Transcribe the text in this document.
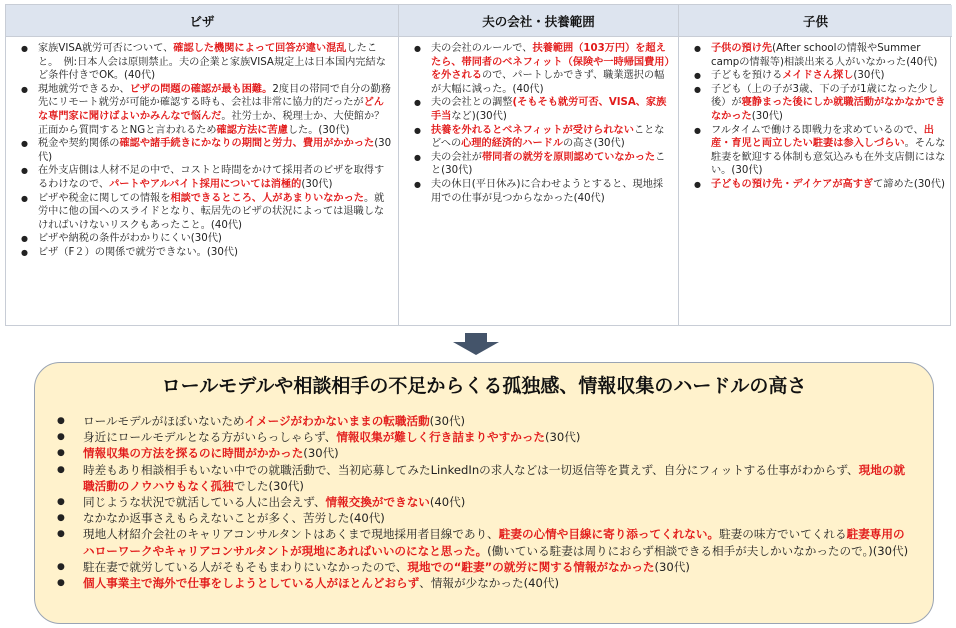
ビザ
● 家族VISA就労可否について、確認した機関によって回答が違い混乱したこと。　例:日本人会は原則禁止。夫の企業と家族VISA規定上は日本国内完結など条件付きでOK。(40代)
● 現地就労できるか、ビザの問題の確認が最も困難。2度目の帯同で自分の勤務先にリモート就労が可能か確認する時も、会社は非常に協力的だったがどんな専門家に聞けばよいかみんなで悩んだ。社労士か、税理士か、大使館か？正面から質問するとNGと言われるため確認方法に苦慮した。(30代)
● 税金や契約関係の確認や諸手続きにかなりの期間と労力、費用がかかった(30代)
● 在外支店側は人材不足の中で、コストと時間をかけて採用者のビザを取得するわけなので、パートやアルバイト採用については消極的(30代)
● ビザや税金に関しての情報を相談できるところ、人があまりいなかった。就労中に他の国へのスライドとなり、転居先のビザの状況によっては退職しなければいけないリスクもあったこと。(40代)
● ビザや納税の条件がわかりにくい(30代)
● ビザ（F２）の関係で就労できない。(30代)
夫の会社・扶養範囲
● 夫の会社のルールで、扶養範囲（103万円）を超えたら、帯同者のベネフィット（保険や一時帰国費用）を外されるので、パートしかできず、職業選択の幅が大幅に減った。(40代)
● 夫の会社との調整(そもそも就労可否、VISA、家族手当など)(30代)
● 扶養を外れるとベネフィットが受けられないことなどへの心理的経済的ハードルの高さ(30代)
● 夫の会社が帯同者の就労を原則認めていなかったこと(30代)
● 夫の休日(平日休み)に合わせようとすると、現地採用での仕事が見つからなかった(40代)
子供
● 子供の預け先(After schoolの情報やSummer campの情報等)相談出来る人がいなかった(40代)
● 子どもを預けるメイドさん探し(30代)
● 子ども（上の子が3歳、下の子が1歳になった少し後）が寝静まった後にしか就職活動がなかなかできなかった(30代)
● フルタイムで働ける即戦力を求めているので、出産・育児と両立したい駐妻は参入しづらい。そんな駐妻を歓迎する体制も意気込みも在外支店側にはない。(30代)
● 子どもの預け先・デイケアが高すぎて諦めた(30代)
ロールモデルや相談相手の不足からくる孤独感、情報収集のハードルの高さ
● ロールモデルがほぼいないためイメージがわかないままの転職活動(30代)
● 身近にロールモデルとなる方がいらっしゃらず、情報収集が難しく行き詰まりやすかった(30代)
● 情報収集の方法を探るのに時間がかかった(30代)
● 時差もあり相談相手もいない中での就職活動で、当初応募してみたLinkedInの求人などは一切返信等を貰えず、自分にフィットする仕事がわからず、現地の就職活動のノウハウもなく孤独でした(30代)
● 同じような状況で就活している人に出会えず、情報交換ができない(40代)
● なかなか返事さえもらえないことが多く、苦労した(40代)
● 現地人材紹介会社のキャリアコンサルタントはあくまで現地採用者目線であり、駐妻の心情や目線に寄り添ってくれない。駐妻の味方でいてくれる駐妻専用のハローワークやキャリアコンサルタントが現地にあればいいのになと思った。(働いている駐妻は周りにおらず相談できる相手が夫しかいなかったので。)(30代)
● 駐在妻で就労している人がそもそもまわりにいなかったので、現地での“駐妻”の就労に関する情報がなかった(30代)
● 個人事業主で海外で仕事をしようとしている人がほとんどおらず、情報が少なかった(40代)
